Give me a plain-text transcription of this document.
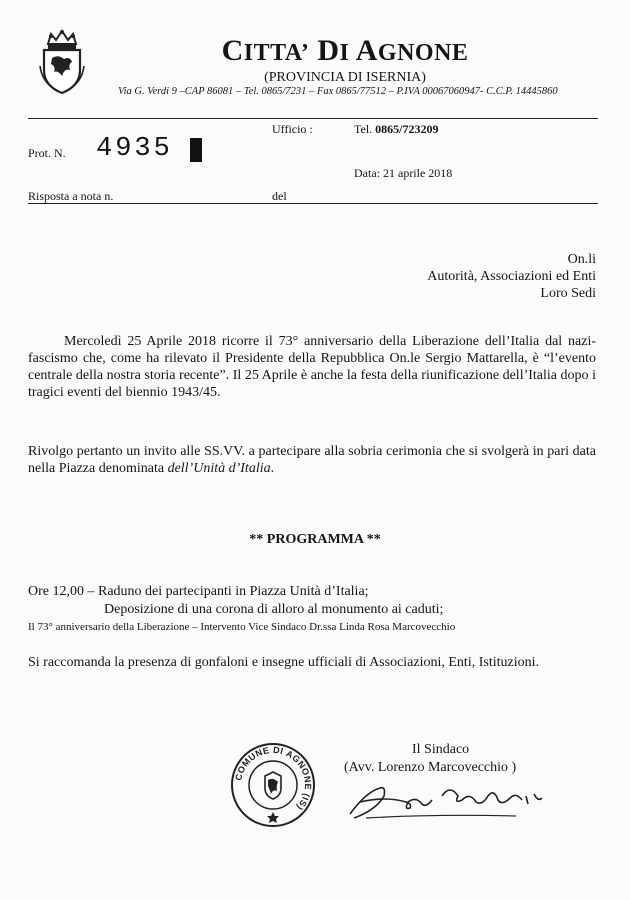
CITTA’ DI AGNONE
(PROVINCIA DI ISERNIA)
Via G. Verdi 9 –CAP 86081 – Tel. 0865/7231 – Fax 0865/77512 – P.IVA 00067060947- C.C.P. 14445860
Ufficio :	Tel. 0865/723209
Prot. N. 4935
Data: 21 aprile 2018
Risposta a nota n.	del
On.li
Autorità, Associazioni ed Enti
Loro Sedi
Mercoledì 25 Aprile 2018 ricorre il 73° anniversario della Liberazione dell’Italia dal nazi-fascismo che, come ha rilevato il Presidente della Repubblica On.le Sergio Mattarella, è “l’evento centrale della nostra storia recente”. Il 25 Aprile è anche la festa della riunificazione dell’Italia dopo i tragici eventi del biennio 1943/45.
Rivolgo pertanto un invito alle SS.VV. a partecipare alla sobria cerimonia che si svolgerà in pari data nella Piazza denominata dell’Unità d’Italia.
** PROGRAMMA **
Ore 12,00 – Raduno dei partecipanti in Piazza Unità d’Italia;
Deposizione di una corona di alloro al monumento ai caduti;
Il 73° anniversario della Liberazione – Intervento Vice Sindaco Dr.ssa Linda Rosa Marcovecchio
Si raccomanda la presenza di gonfaloni e insegne ufficiali di Associazioni, Enti, Istituzioni.
Il Sindaco
(Avv. Lorenzo Marcovecchio )
COMUNE DI AGNONE (IS)
